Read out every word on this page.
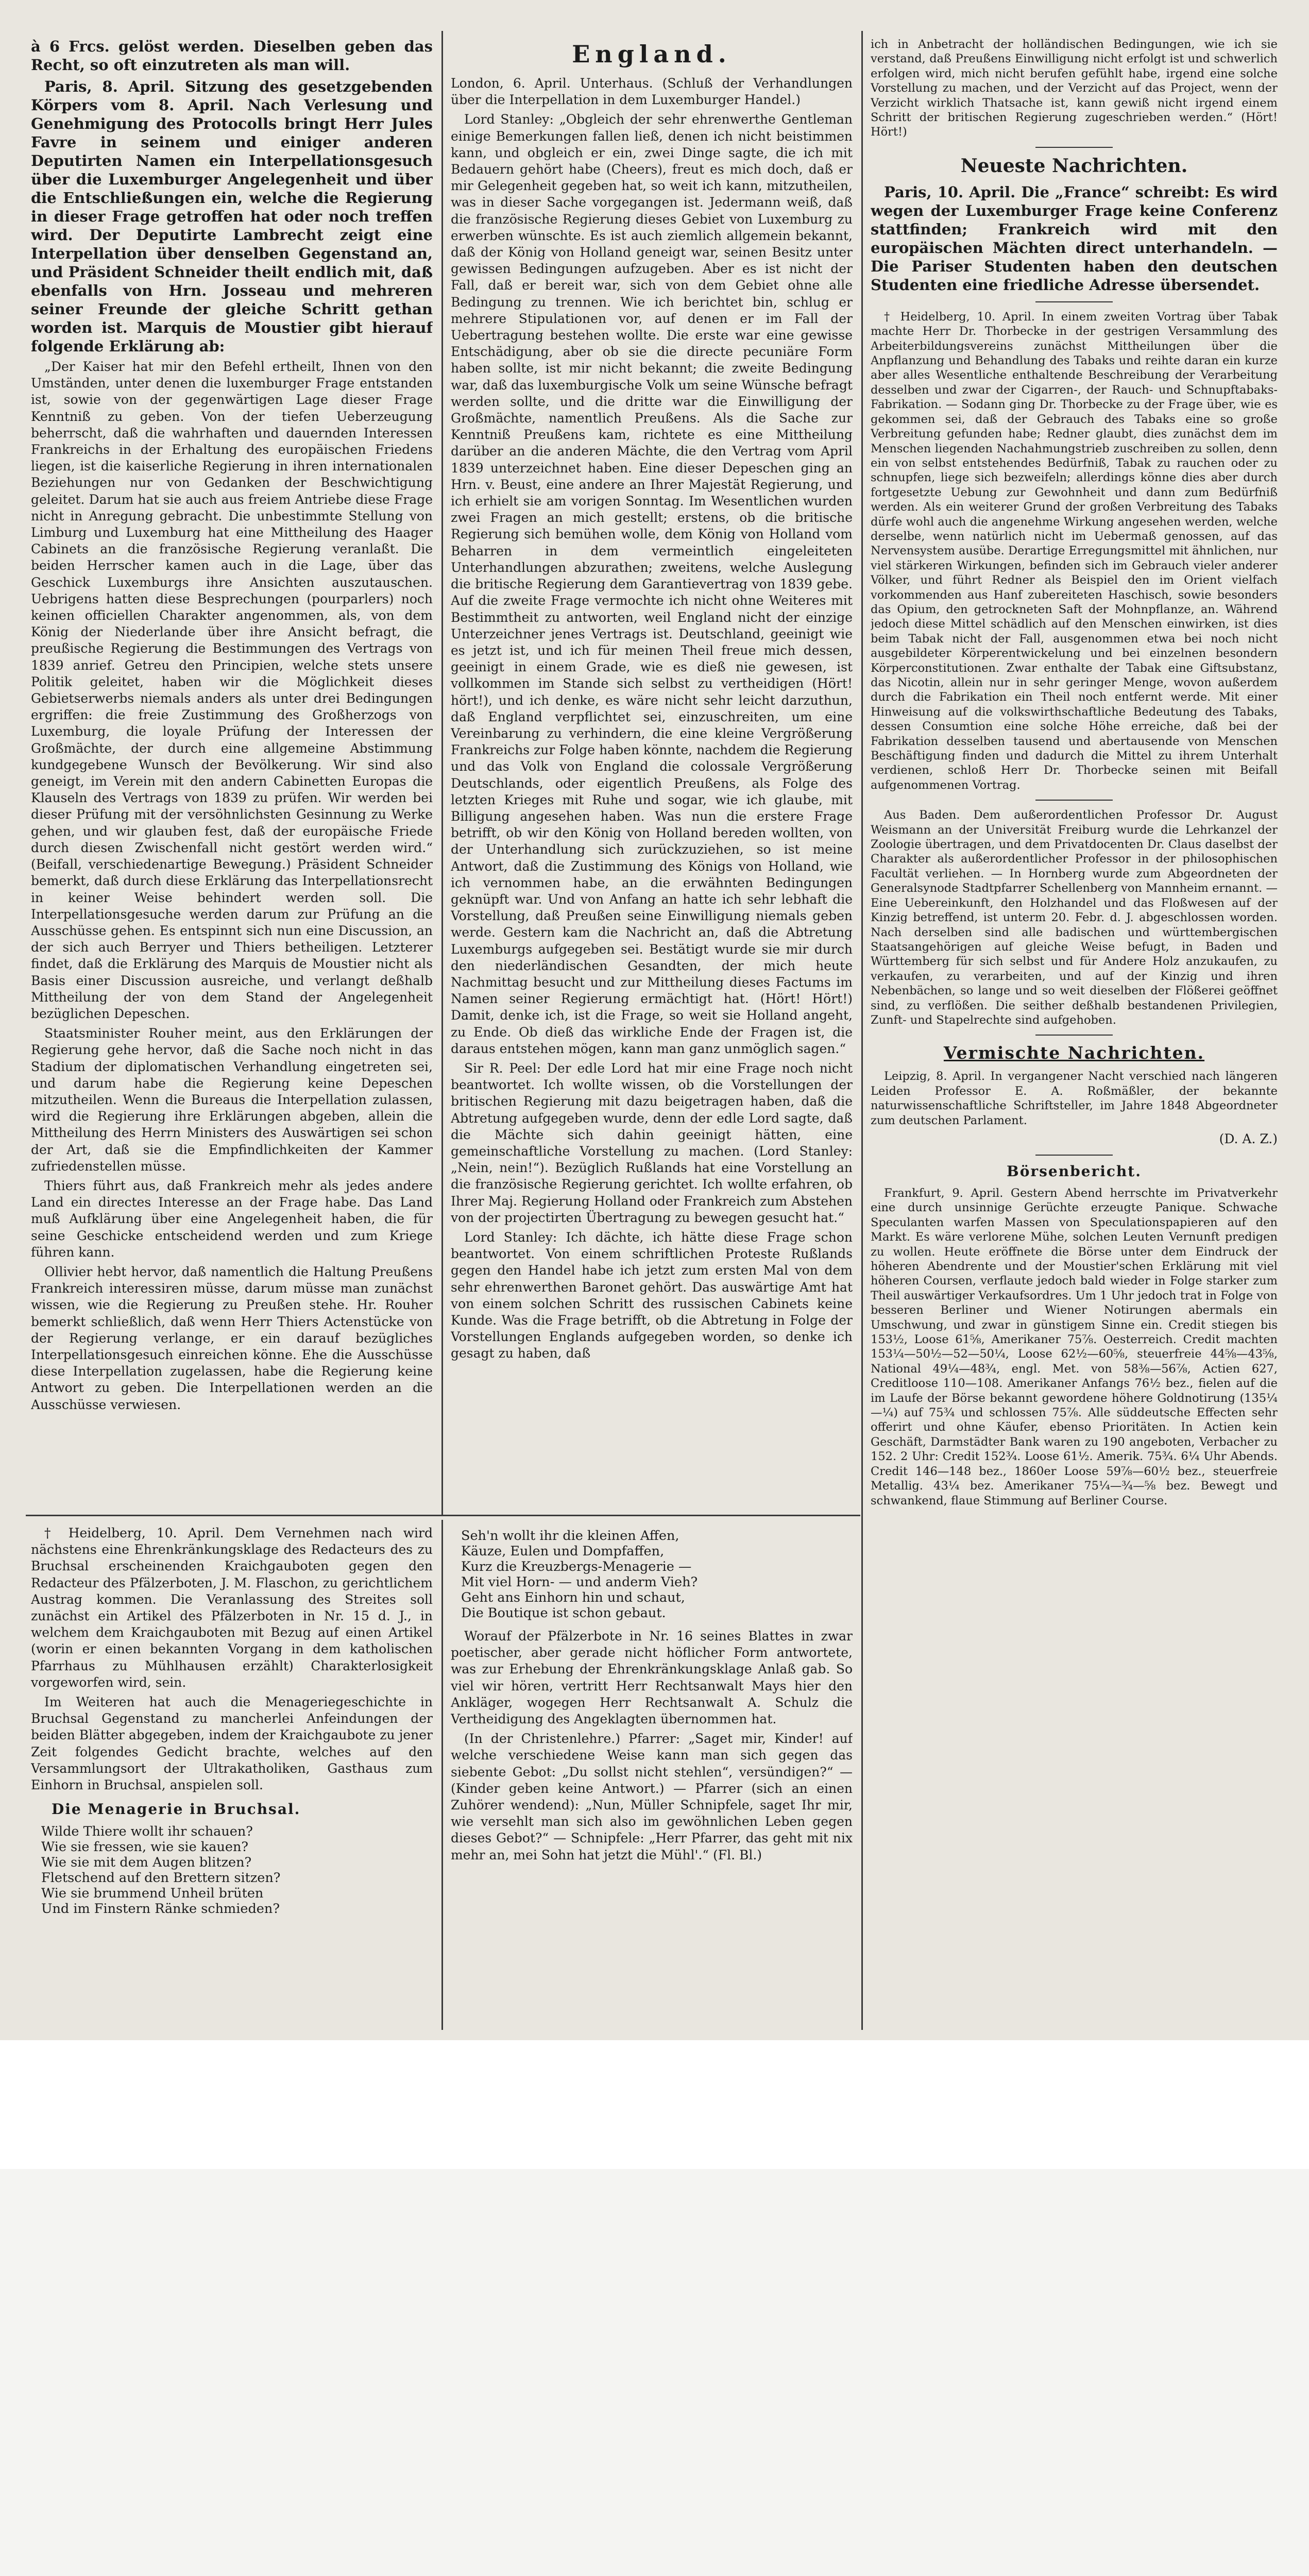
à 6 Frcs. gelöst werden. Dieselben geben das Recht, so oft einzutreten als man will.

Paris, 8. April. Sitzung des gesetzgebenden Körpers vom 8. April. Nach Verlesung und Genehmigung des Protocolls bringt Herr Jules Favre in seinem und einiger anderen Deputirten Namen ein Interpellationsgesuch über die Luxemburger Angelegenheit und über die Entschließungen ein, welche die Regierung in dieser Frage getroffen hat oder noch treffen wird. Der Deputirte Lambrecht zeigt eine Interpellation über denselben Gegenstand an, und Präsident Schneider theilt endlich mit, daß ebenfalls von Hrn. Josseau und mehreren seiner Freunde der gleiche Schritt gethan worden ist. Marquis de Moustier gibt hierauf folgende Erklärung ab:

„Der Kaiser hat mir den Befehl ertheilt, Ihnen von den Umständen, unter denen die luxemburger Frage entstanden ist, sowie von der gegenwärtigen Lage dieser Frage Kenntniß zu geben. Von der tiefen Ueberzeugung beherrscht, daß die wahrhaften und dauernden Interessen Frankreichs in der Erhaltung des europäischen Friedens liegen, ist die kaiserliche Regierung in ihren internationalen Beziehungen nur von Gedanken der Beschwichtigung geleitet. Darum hat sie auch aus freiem Antriebe diese Frage nicht in Anregung gebracht. Die unbestimmte Stellung von Limburg und Luxemburg hat eine Mittheilung des Haager Cabinets an die französische Regierung veranlaßt. Die beiden Herrscher kamen auch in die Lage, über das Geschick Luxemburgs ihre Ansichten auszutauschen. Uebrigens hatten diese Besprechungen (pourparlers) noch keinen officiellen Charakter angenommen, als, von dem König der Niederlande über ihre Ansicht befragt, die preußische Regierung die Bestimmungen des Vertrags von 1839 anrief. Getreu den Principien, welche stets unsere Politik geleitet, haben wir die Möglichkeit dieses Gebietserwerbs niemals anders als unter drei Bedingungen ergriffen: die freie Zustimmung des Großherzogs von Luxemburg, die loyale Prüfung der Interessen der Großmächte, der durch eine allgemeine Abstimmung kundgegebene Wunsch der Bevölkerung. Wir sind also geneigt, im Verein mit den andern Cabinetten Europas die Klauseln des Vertrags von 1839 zu prüfen. Wir werden bei dieser Prüfung mit der versöhnlichsten Gesinnung zu Werke gehen, und wir glauben fest, daß der europäische Friede durch diesen Zwischenfall nicht gestört werden wird.“ (Beifall, verschiedenartige Bewegung.) Präsident Schneider bemerkt, daß durch diese Erklärung das Interpellationsrecht in keiner Weise behindert werden soll. Die Interpellationsgesuche werden darum zur Prüfung an die Ausschüsse gehen. Es entspinnt sich nun eine Discussion, an der sich auch Berryer und Thiers betheiligen. Letzterer findet, daß die Erklärung des Marquis de Moustier nicht als Basis einer Discussion ausreiche, und verlangt deßhalb Mittheilung der von dem Stand der Angelegenheit bezüglichen Depeschen.

Staatsminister Rouher meint, aus den Erklärungen der Regierung gehe hervor, daß die Sache noch nicht in das Stadium der diplomatischen Verhandlung eingetreten sei, und darum habe die Regierung keine Depeschen mitzutheilen. Wenn die Bureaus die Interpellation zulassen, wird die Regierung ihre Erklärungen abgeben, allein die Mittheilung des Herrn Ministers des Auswärtigen sei schon der Art, daß sie die Empfindlichkeiten der Kammer zufriedenstellen müsse.

Thiers führt aus, daß Frankreich mehr als jedes andere Land ein directes Interesse an der Frage habe. Das Land muß Aufklärung über eine Angelegenheit haben, die für seine Geschicke entscheidend werden und zum Kriege führen kann.

Ollivier hebt hervor, daß namentlich die Haltung Preußens Frankreich interessiren müsse, darum müsse man zunächst wissen, wie die Regierung zu Preußen stehe. Hr. Rouher bemerkt schließlich, daß wenn Herr Thiers Actenstücke von der Regierung verlange, er ein darauf bezügliches Interpellationsgesuch einreichen könne. Ehe die Ausschüsse diese Interpellation zugelassen, habe die Regierung keine Antwort zu geben. Die Interpellationen werden an die Ausschüsse verwiesen.

England.

London, 6. April. Unterhaus. (Schluß der Verhandlungen über die Interpellation in dem Luxemburger Handel.)

Lord Stanley: „Obgleich der sehr ehrenwerthe Gentleman einige Bemerkungen fallen ließ, denen ich nicht beistimmen kann, und obgleich er ein, zwei Dinge sagte, die ich mit Bedauern gehört habe (Cheers), freut es mich doch, daß er mir Gelegenheit gegeben hat, so weit ich kann, mitzutheilen, was in dieser Sache vorgegangen ist. Jedermann weiß, daß die französische Regierung dieses Gebiet von Luxemburg zu erwerben wünschte. Es ist auch ziemlich allgemein bekannt, daß der König von Holland geneigt war, seinen Besitz unter gewissen Bedingungen aufzugeben. Aber es ist nicht der Fall, daß er bereit war, sich von dem Gebiet ohne alle Bedingung zu trennen. Wie ich berichtet bin, schlug er mehrere Stipulationen vor, auf denen er im Fall der Uebertragung bestehen wollte. Die erste war eine gewisse Entschädigung, aber ob sie die directe pecuniäre Form haben sollte, ist mir nicht bekannt; die zweite Bedingung war, daß das luxemburgische Volk um seine Wünsche befragt werden sollte, und die dritte war die Einwilligung der Großmächte, namentlich Preußens. Als die Sache zur Kenntniß Preußens kam, richtete es eine Mittheilung darüber an die anderen Mächte, die den Vertrag vom April 1839 unterzeichnet haben. Eine dieser Depeschen ging an Hrn. v. Beust, eine andere an Ihrer Majestät Regierung, und ich erhielt sie am vorigen Sonntag. Im Wesentlichen wurden zwei Fragen an mich gestellt; erstens, ob die britische Regierung sich bemühen wolle, dem König von Holland vom Beharren in dem vermeintlich eingeleiteten Unterhandlungen abzurathen; zweitens, welche Auslegung die britische Regierung dem Garantievertrag von 1839 gebe. Auf die zweite Frage vermochte ich nicht ohne Weiteres mit Bestimmtheit zu antworten, weil England nicht der einzige Unterzeichner jenes Vertrags ist. Deutschland, geeinigt wie es jetzt ist, und ich für meinen Theil freue mich dessen, geeinigt in einem Grade, wie es dieß nie gewesen, ist vollkommen im Stande sich selbst zu vertheidigen (Hört! hört!), und ich denke, es wäre nicht sehr leicht darzuthun, daß England verpflichtet sei, einzuschreiten, um eine Vereinbarung zu verhindern, die eine kleine Vergrößerung Frankreichs zur Folge haben könnte, nachdem die Regierung und das Volk von England die colossale Vergrößerung Deutschlands, oder eigentlich Preußens, als Folge des letzten Krieges mit Ruhe und sogar, wie ich glaube, mit Billigung angesehen haben. Was nun die erstere Frage betrifft, ob wir den König von Holland bereden wollten, von der Unterhandlung sich zurückzuziehen, so ist meine Antwort, daß die Zustimmung des Königs von Holland, wie ich vernommen habe, an die erwähnten Bedingungen geknüpft war. Und von Anfang an hatte ich sehr lebhaft die Vorstellung, daß Preußen seine Einwilligung niemals geben werde. Gestern kam die Nachricht an, daß die Abtretung Luxemburgs aufgegeben sei. Bestätigt wurde sie mir durch den niederländischen Gesandten, der mich heute Nachmittag besucht und zur Mittheilung dieses Factums im Namen seiner Regierung ermächtigt hat. (Hört! Hört!) Damit, denke ich, ist die Frage, so weit sie Holland angeht, zu Ende. Ob dieß das wirkliche Ende der Fragen ist, die daraus entstehen mögen, kann man ganz unmöglich sagen.“

Sir R. Peel: Der edle Lord hat mir eine Frage noch nicht beantwortet. Ich wollte wissen, ob die Vorstellungen der britischen Regierung mit dazu beigetragen haben, daß die Abtretung aufgegeben wurde, denn der edle Lord sagte, daß die Mächte sich dahin geeinigt hätten, eine gemeinschaftliche Vorstellung zu machen. (Lord Stanley: „Nein, nein!“). Bezüglich Rußlands hat eine Vorstellung an die französische Regierung gerichtet. Ich wollte erfahren, ob Ihrer Maj. Regierung Holland oder Frankreich zum Abstehen von der projectirten Übertragung zu bewegen gesucht hat.“

Lord Stanley: Ich dächte, ich hätte diese Frage schon beantwortet. Von einem schriftlichen Proteste Rußlands gegen den Handel habe ich jetzt zum ersten Mal von dem sehr ehrenwerthen Baronet gehört. Das auswärtige Amt hat von einem solchen Schritt des russischen Cabinets keine Kunde. Was die Frage betrifft, ob die Abtretung in Folge der Vorstellungen Englands aufgegeben worden, so denke ich gesagt zu haben, daß

ich in Anbetracht der holländischen Bedingungen, wie ich sie verstand, daß Preußens Einwilligung nicht erfolgt ist und schwerlich erfolgen wird, mich nicht berufen gefühlt habe, irgend eine solche Vorstellung zu machen, und der Verzicht auf das Project, wenn der Verzicht wirklich Thatsache ist, kann gewiß nicht irgend einem Schritt der britischen Regierung zugeschrieben werden.“ (Hört! Hört!)

Neueste Nachrichten.

Paris, 10. April. Die „France“ schreibt: Es wird wegen der Luxemburger Frage keine Conferenz stattfinden; Frankreich wird mit den europäischen Mächten direct unterhandeln. — Die Pariser Studenten haben den deutschen Studenten eine friedliche Adresse übersendet.

† Heidelberg, 10. April. In einem zweiten Vortrag über Tabak machte Herr Dr. Thorbecke in der gestrigen Versammlung des Arbeiterbildungsvereins zunächst Mittheilungen über die Anpflanzung und Behandlung des Tabaks und reihte daran ein kurze aber alles Wesentliche enthaltende Beschreibung der Verarbeitung desselben und zwar der Cigarren-, der Rauch- und Schnupftabaks-Fabrikation. — Sodann ging Dr. Thorbecke zu der Frage über, wie es gekommen sei, daß der Gebrauch des Tabaks eine so große Verbreitung gefunden habe; Redner glaubt, dies zunächst dem im Menschen liegenden Nachahmungstrieb zuschreiben zu sollen, denn ein von selbst entstehendes Bedürfniß, Tabak zu rauchen oder zu schnupfen, liege sich bezweifeln; allerdings könne dies aber durch fortgesetzte Uebung zur Gewohnheit und dann zum Bedürfniß werden. Als ein weiterer Grund der großen Verbreitung des Tabaks dürfe wohl auch die angenehme Wirkung angesehen werden, welche derselbe, wenn natürlich nicht im Uebermaß genossen, auf das Nervensystem ausübe. Derartige Erregungsmittel mit ähnlichen, nur viel stärkeren Wirkungen, befinden sich im Gebrauch vieler anderer Völker, und führt Redner als Beispiel den im Orient vielfach vorkommenden aus Hanf zubereiteten Haschisch, sowie besonders das Opium, den getrockneten Saft der Mohnpflanze, an. Während jedoch diese Mittel schädlich auf den Menschen einwirken, ist dies beim Tabak nicht der Fall, ausgenommen etwa bei noch nicht ausgebildeter Körperentwickelung und bei einzelnen besondern Körperconstitutionen. Zwar enthalte der Tabak eine Giftsubstanz, das Nicotin, allein nur in sehr geringer Menge, wovon außerdem durch die Fabrikation ein Theil noch entfernt werde. Mit einer Hinweisung auf die volkswirthschaftliche Bedeutung des Tabaks, dessen Consumtion eine solche Höhe erreiche, daß bei der Fabrikation desselben tausend und abertausende von Menschen Beschäftigung finden und dadurch die Mittel zu ihrem Unterhalt verdienen, schloß Herr Dr. Thorbecke seinen mit Beifall aufgenommenen Vortrag.

Aus Baden. Dem außerordentlichen Professor Dr. August Weismann an der Universität Freiburg wurde die Lehrkanzel der Zoologie übertragen, und dem Privatdocenten Dr. Claus daselbst der Charakter als außerordentlicher Professor in der philosophischen Facultät verliehen. — In Hornberg wurde zum Abgeordneten der Generalsynode Stadtpfarrer Schellenberg von Mannheim ernannt. — Eine Uebereinkunft, den Holzhandel und das Floßwesen auf der Kinzig betreffend, ist unterm 20. Febr. d. J. abgeschlossen worden. Nach derselben sind alle badischen und württembergischen Staatsangehörigen auf gleiche Weise befugt, in Baden und Württemberg für sich selbst und für Andere Holz anzukaufen, zu verkaufen, zu verarbeiten, und auf der Kinzig und ihren Nebenbächen, so lange und so weit dieselben der Flößerei geöffnet sind, zu verflößen. Die seither deßhalb bestandenen Privilegien, Zunft- und Stapelrechte sind aufgehoben.

Vermischte Nachrichten.

Leipzig, 8. April. In vergangener Nacht verschied nach längeren Leiden Professor E. A. Roßmäßler, der bekannte naturwissenschaftliche Schriftsteller, im Jahre 1848 Abgeordneter zum deutschen Parlament.

(D. A. Z.)
Börsenbericht.

Frankfurt, 9. April. Gestern Abend herrschte im Privatverkehr eine durch unsinnige Gerüchte erzeugte Panique. Schwache Speculanten warfen Massen von Speculationspapieren auf den Markt. Es wäre verlorene Mühe, solchen Leuten Vernunft predigen zu wollen. Heute eröffnete die Börse unter dem Eindruck der höheren Abendrente und der Moustier'schen Erklärung mit viel höheren Coursen, verflaute jedoch bald wieder in Folge starker zum Theil auswärtiger Verkaufsordres. Um 1 Uhr jedoch trat in Folge von besseren Berliner und Wiener Notirungen abermals ein Umschwung, und zwar in günstigem Sinne ein. Credit stiegen bis 153½, Loose 61⅝, Amerikaner 75⅞. Oesterreich. Credit machten 153¼—50½—52—50¼, Loose 62½—60⅝, steuerfreie 44⅝—43⅝, National 49¼—48¾, engl. Met. von 58⅜—56⅞, Actien 627, Creditloose 110—108. Amerikaner Anfangs 76½ bez., fielen auf die im Laufe der Börse bekannt gewordene höhere Goldnotirung (135¼—¼) auf 75¾ und schlossen 75⅞. Alle süddeutsche Effecten sehr offerirt und ohne Käufer, ebenso Prioritäten. In Actien kein Geschäft, Darmstädter Bank waren zu 190 angeboten, Verbacher zu 152. 2 Uhr: Credit 152¾. Loose 61½. Amerik. 75¾. 6¼ Uhr Abends. Credit 146—148 bez., 1860er Loose 59⅞—60½ bez., steuerfreie Metallig. 43¼ bez. Amerikaner 75¼—¾—⅝ bez. Bewegt und schwankend, flaue Stimmung auf Berliner Course.

† Heidelberg, 10. April. Dem Vernehmen nach wird nächstens eine Ehrenkränkungsklage des Redacteurs des zu Bruchsal erscheinenden Kraichgauboten gegen den Redacteur des Pfälzerboten, J. M. Flaschon, zu gerichtlichem Austrag kommen. Die Veranlassung des Streites soll zunächst ein Artikel des Pfälzerboten in Nr. 15 d. J., in welchem dem Kraichgauboten mit Bezug auf einen Artikel (worin er einen bekannten Vorgang in dem katholischen Pfarrhaus zu Mühlhausen erzählt) Charakterlosigkeit vorgeworfen wird, sein.

Im Weiteren hat auch die Menageriegeschichte in Bruchsal Gegenstand zu mancherlei Anfeindungen der beiden Blätter abgegeben, indem der Kraichgaubote zu jener Zeit folgendes Gedicht brachte, welches auf den Versammlungsort der Ultrakatholiken, Gasthaus zum Einhorn in Bruchsal, anspielen soll.

Die Menagerie in Bruchsal.
Wilde Thiere wollt ihr schauen?
Wie sie fressen, wie sie kauen?
Wie sie mit dem Augen blitzen?
Fletschend auf den Brettern sitzen?
Wie sie brummend Unheil brüten
Und im Finstern Ränke schmieden?
Seh'n wollt ihr die kleinen Affen,
Käuze, Eulen und Dompfaffen,
Kurz die Kreuzbergs-Menagerie —
Mit viel Horn- — und anderm Vieh?
Geht ans Einhorn hin und schaut,
Die Boutique ist schon gebaut.

Worauf der Pfälzerbote in Nr. 16 seines Blattes in zwar poetischer, aber gerade nicht höflicher Form antwortete, was zur Erhebung der Ehrenkränkungsklage Anlaß gab. So viel wir hören, vertritt Herr Rechtsanwalt Mays hier den Ankläger, wogegen Herr Rechtsanwalt A. Schulz die Vertheidigung des Angeklagten übernommen hat.

(In der Christenlehre.) Pfarrer: „Saget mir, Kinder! auf welche verschiedene Weise kann man sich gegen das siebente Gebot: „Du sollst nicht stehlen“, versündigen?“ — (Kinder geben keine Antwort.) — Pfarrer (sich an einen Zuhörer wendend): „Nun, Müller Schnipfele, saget Ihr mir, wie versehlt man sich also im gewöhnlichen Leben gegen dieses Gebot?“ — Schnipfele: „Herr Pfarrer, das geht mit nix mehr an, mei Sohn hat jetzt die Mühl'.“ (Fl. Bl.)
